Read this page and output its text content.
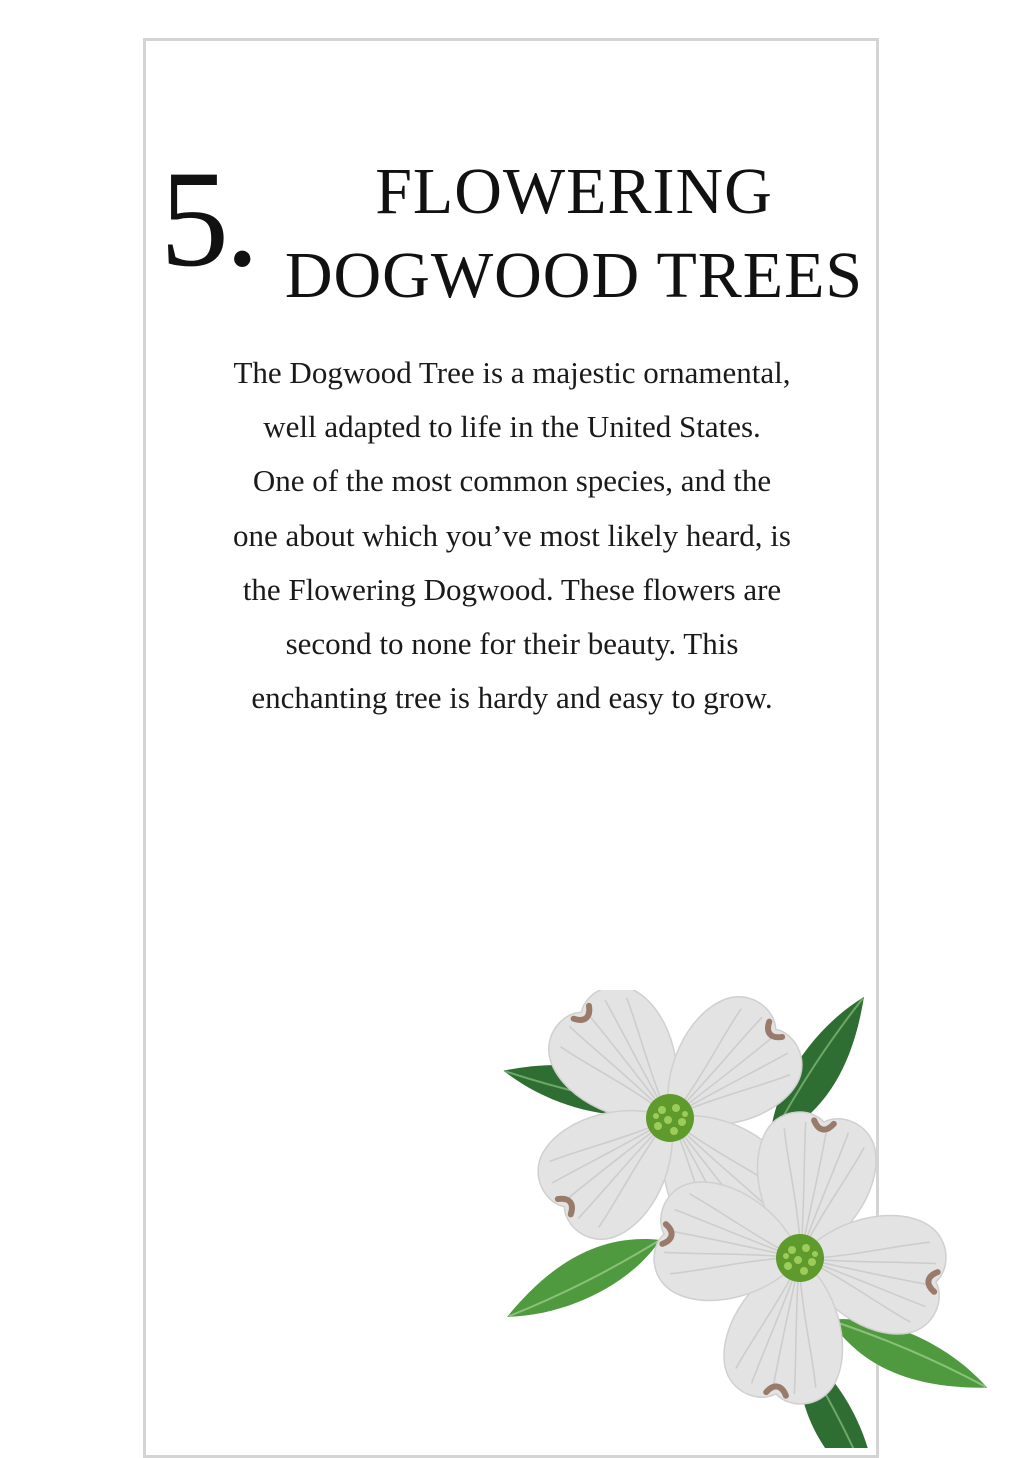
5.	FLOWERING
DOGWOOD TREES
The Dogwood Tree is a majestic ornamental,
well adapted to life in the United States.
One of the most common species, and the
one about which you’ve most likely heard, is
the Flowering Dogwood. These flowers are
second to none for their beauty. This
enchanting tree is hardy and easy to grow.
